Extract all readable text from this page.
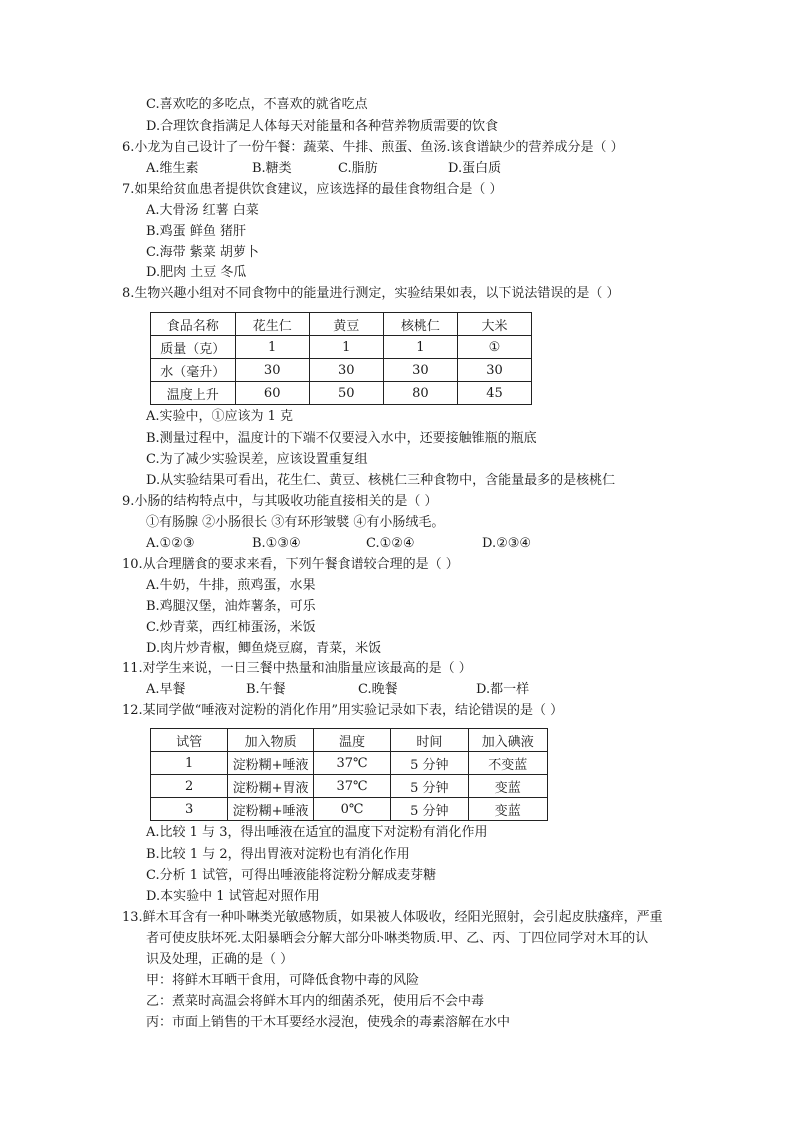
C.喜欢吃的多吃点，不喜欢的就省吃点
D.合理饮食指满足人体每天对能量和各种营养物质需要的饮食
6.小龙为自己设计了一份午餐：蔬菜、牛排、煎蛋、鱼汤.该食谱缺少的营养成分是（ ）
A.维生素	B.糖类	C.脂肪	D.蛋白质
7.如果给贫血患者提供饮食建议，应该选择的最佳食物组合是（ ）
A.大骨汤 红薯 白菜
B.鸡蛋 鲜鱼 猪肝
C.海带 紫菜 胡萝卜
D.肥肉 土豆 冬瓜
8.生物兴趣小组对不同食物中的能量进行测定，实验结果如表，以下说法错误的是（ ）
食品名称	花生仁	黄豆	核桃仁	大米
质量（克）	1	1	1	①
水（毫升）	30	30	30	30
温度上升	60	50	80	45
A.实验中，①应该为 1 克
B.测量过程中，温度计的下端不仅要浸入水中，还要接触锥瓶的瓶底
C.为了减少实验误差，应该设置重复组
D.从实验结果可看出，花生仁、黄豆、核桃仁三种食物中，含能量最多的是核桃仁
9.小肠的结构特点中，与其吸收功能直接相关的是（ ）
①有肠腺 ②小肠很长 ③有环形皱襞 ④有小肠绒毛。
A.①②③	B.①③④	C.①②④	D.②③④
10.从合理膳食的要求来看，下列午餐食谱较合理的是（ ）
A.牛奶，牛排，煎鸡蛋，水果
B.鸡腿汉堡，油炸薯条，可乐
C.炒青菜，西红柿蛋汤，米饭
D.肉片炒青椒，鲫鱼烧豆腐，青菜，米饭
11.对学生来说，一日三餐中热量和油脂量应该最高的是（ ）
A.早餐	B.午餐	C.晚餐	D.都一样
12.某同学做“唾液对淀粉的消化作用”用实验记录如下表，结论错误的是（ ）
试管	加入物质	温度	时间	加入碘液
1	淀粉糊+唾液	37℃	5 分钟	不变蓝
2	淀粉糊+胃液	37℃	5 分钟	变蓝
3	淀粉糊+唾液	0℃	5 分钟	变蓝
A.比较 1 与 3，得出唾液在适宜的温度下对淀粉有消化作用
B.比较 1 与 2，得出胃液对淀粉也有消化作用
C.分析 1 试管，可得出唾液能将淀粉分解成麦芽糖
D.本实验中 1 试管起对照作用
13.鲜木耳含有一种卟啉类光敏感物质，如果被人体吸收，经阳光照射，会引起皮肤瘙痒，严重
者可使皮肤坏死.太阳暴晒会分解大部分卟啉类物质.甲、乙、丙、丁四位同学对木耳的认
识及处理，正确的是（ ）
甲：将鲜木耳晒干食用，可降低食物中毒的风险
乙：煮菜时高温会将鲜木耳内的细菌杀死，使用后不会中毒
丙：市面上销售的干木耳要经水浸泡，使残余的毒素溶解在水中
